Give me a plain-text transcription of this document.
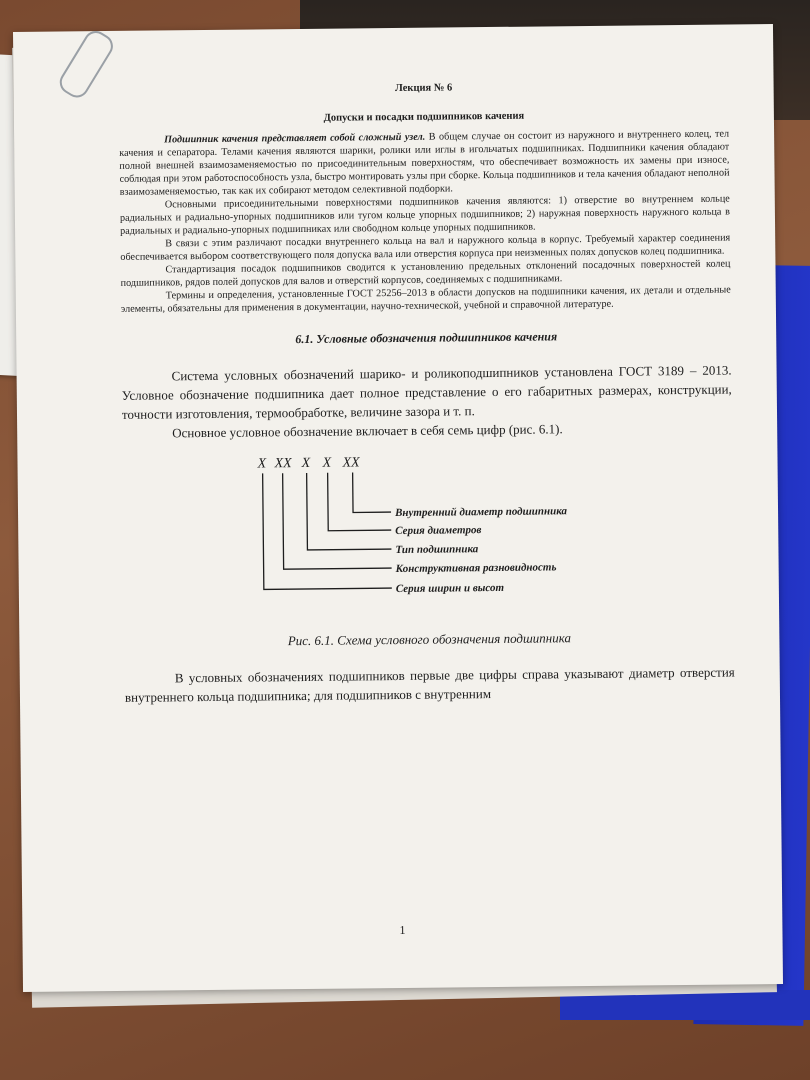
Лекция № 6
Допуски и посадки подшипников качения

Подшипник качения представляет собой сложный узел. В общем случае он состоит из наружного и внутреннего колец, тел качения и сепаратора. Телами качения являются шарики, ролики или иглы в игольчатых подшипниках. Подшипники качения обладают полной внешней взаимозаменяемостью по присоединительным поверхностям, что обеспечивает возможность их замены при износе, соблюдая при этом работоспособность узла, быстро монтировать узлы при сборке. Кольца подшипников и тела качения обладают неполной взаимозаменяемостью, так как их собирают методом селективной подборки.

Основными присоединительными поверхностями подшипников качения являются: 1) отверстие во внутреннем кольце радиальных и радиально-упорных подшипников или тугом кольце упорных подшипников; 2) наружная поверхность наружного кольца в радиальных и радиально-упорных подшипниках или свободном кольце упорных подшипников.

В связи с этим различают посадки внутреннего кольца на вал и наружного кольца в корпус. Требуемый характер соединения обеспечивается выбором соответствующего поля допуска вала или отверстия корпуса при неизменных полях допусков колец подшипника.

Стандартизация посадок подшипников сводится к установлению предельных отклонений посадочных поверхностей колец подшипников, рядов полей допусков для валов и отверстий корпусов, соединяемых с подшипниками.

Термины и определения, установленные ГОСТ 25256–2013 в области допусков на подшипники качения, их детали и отдельные элементы, обязательны для применения в документации, научно-технической, учебной и справочной литературе.

6.1. Условные обозначения подшипников качения

Система условных обозначений шарико- и роликоподшипников установлена ГОСТ 3189 – 2013. Условное обозначение подшипника дает полное представление о его габаритных размерах, конструкции, точности изготовления, термообработке, величине зазора и т. п.

Основное условное обозначение включает в себя семь цифр (рис. 6.1).

X XX X X XX
Внутренний диаметр подшипника
Серия диаметров
Тип подшипника
Конструктивная разновидность
Серия ширин и высот
Рис. 6.1. Схема условного обозначения подшипника

В условных обозначениях подшипников первые две цифры справа указывают диаметр отверстия внутреннего кольца подшипника; для подшипников с внутренним

1
